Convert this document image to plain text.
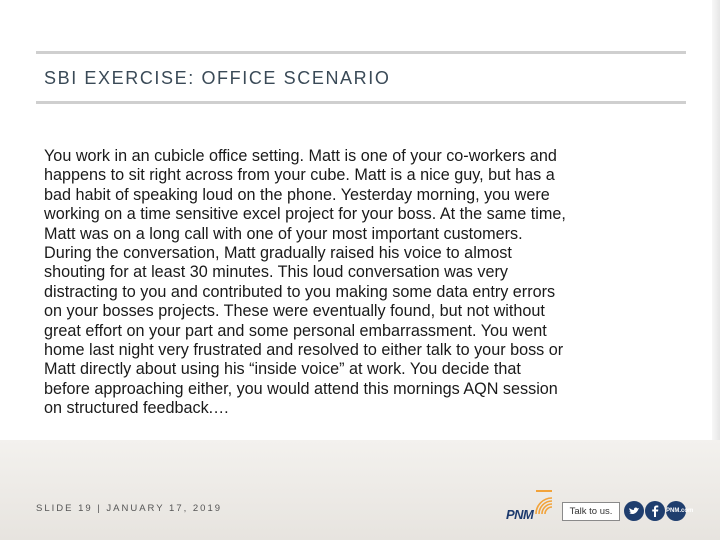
SBI EXERCISE: OFFICE SCENARIO
You work in an cubicle office setting. Matt is one of your co-workers and
happens to sit right across from your cube. Matt is a nice guy, but has a
bad habit of speaking loud on the phone. Yesterday morning, you were
working on a time sensitive excel project for your boss. At the same time,
Matt was on a long call with one of your most important customers.
During the conversation, Matt gradually raised his voice to almost
shouting for at least 30 minutes. This loud conversation was very
distracting to you and contributed to you making some data entry errors
on your bosses projects. These were eventually found, but not without
great effort on your part and some personal embarrassment. You went
home last night very frustrated and resolved to either talk to your boss or
Matt directly about using his “inside voice” at work. You decide that
before approaching either, you would attend this mornings AQN session
on structured feedback.…
SLIDE 19 | JANUARY 17, 2019	PNM	Talk to us.	PNM.com
